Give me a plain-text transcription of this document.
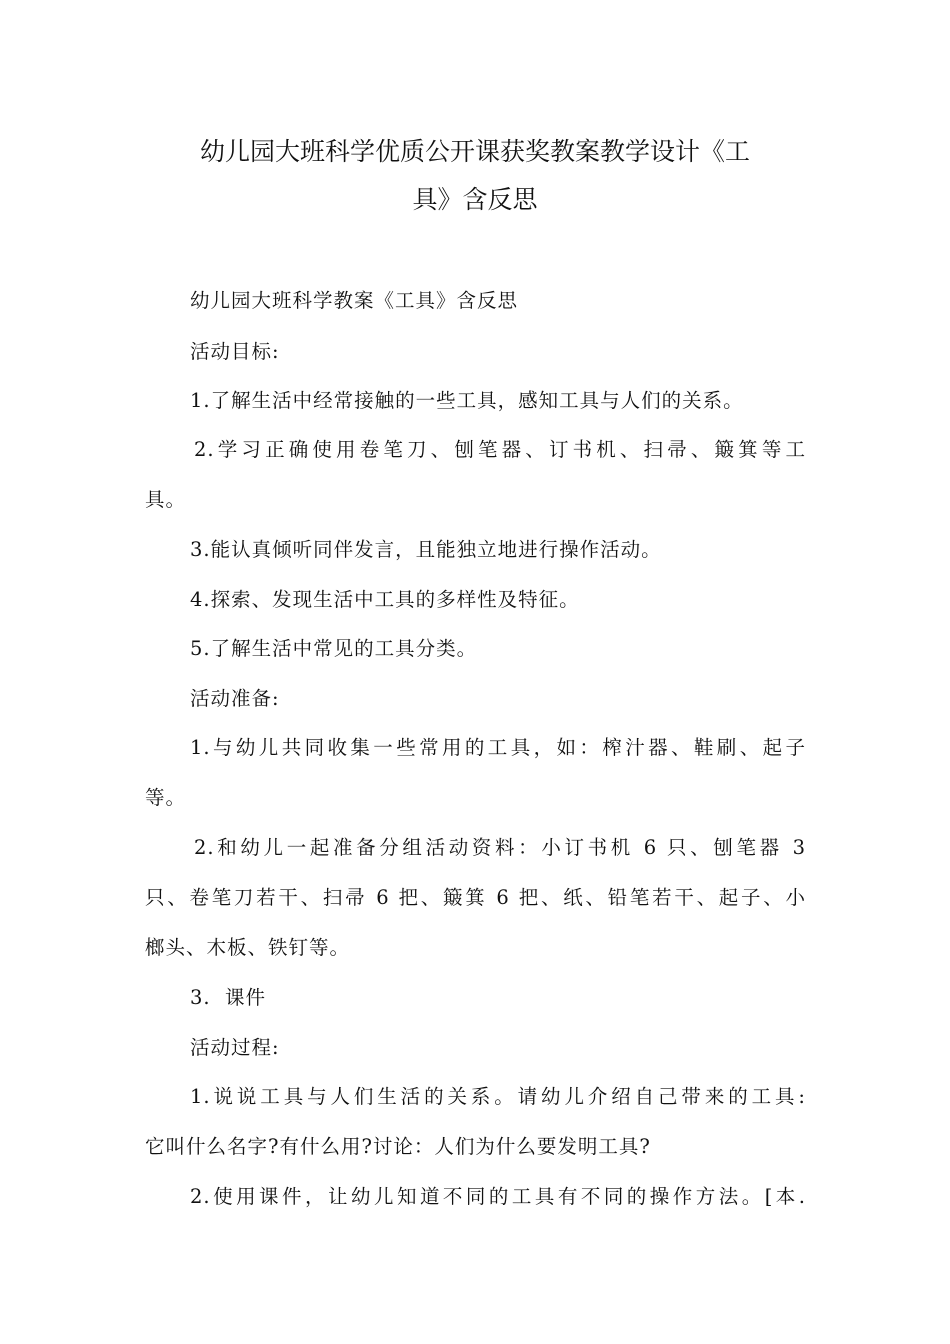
幼儿园大班科学优质公开课获奖教案教学设计《工
具》含反思
幼儿园大班科学教案《工具》含反思
活动目标:
1.了解生活中经常接触的一些工具，感知工具与人们的关系。
2.学习正确使用卷笔刀、刨笔器、订书机、扫帚、簸箕等工
具。
3.能认真倾听同伴发言，且能独立地进行操作活动。
4.探索、发现生活中工具的多样性及特征。
5.了解生活中常见的工具分类。
活动准备:
1.与幼儿共同收集一些常用的工具，如：榨汁器、鞋刷、起子
等。
2.和幼儿一起准备分组活动资料：小订书机 6 只、刨笔器 3
只、卷笔刀若干、扫帚 6 把、簸箕 6 把、纸、铅笔若干、起子、小
榔头、木板、铁钉等。
3.  课件
活动过程:
1.说说工具与人们生活的关系。请幼儿介绍自己带来的工具:
它叫什么名字?有什么用?讨论：人们为什么要发明工具?
2.使用课件，让幼儿知道不同的工具有不同的操作方法。[本.
